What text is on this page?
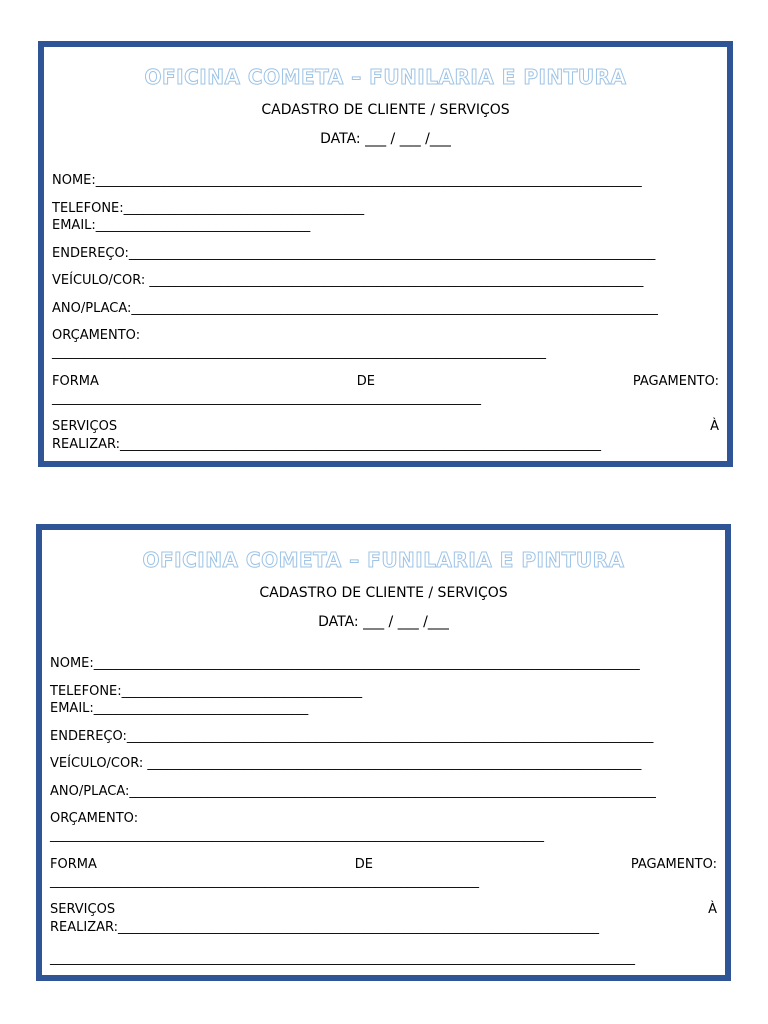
OFICINA COMETA – FUNILARIA E PINTURA
CADASTRO DE CLIENTE / SERVIÇOS
DATA: ___ / ___ /___
NOME:____________________________________________________________________________________
TELEFONE:_____________________________________
EMAIL:_________________________________
ENDEREÇO:_________________________________________________________________________________
VEÍCULO/COR: ____________________________________________________________________________
ANO/PLACA:_________________________________________________________________________________
ORÇAMENTO:
____________________________________________________________________________
FORMA	DE	PAGAMENTO:
__________________________________________________________________
SERVIÇOS	À
REALIZAR:__________________________________________________________________________
OFICINA COMETA – FUNILARIA E PINTURA
CADASTRO DE CLIENTE / SERVIÇOS
DATA: ___ / ___ /___
NOME:____________________________________________________________________________________
TELEFONE:_____________________________________
EMAIL:_________________________________
ENDEREÇO:_________________________________________________________________________________
VEÍCULO/COR: ____________________________________________________________________________
ANO/PLACA:_________________________________________________________________________________
ORÇAMENTO:
____________________________________________________________________________
FORMA	DE	PAGAMENTO:
__________________________________________________________________
SERVIÇOS	À
REALIZAR:__________________________________________________________________________
__________________________________________________________________________________________
